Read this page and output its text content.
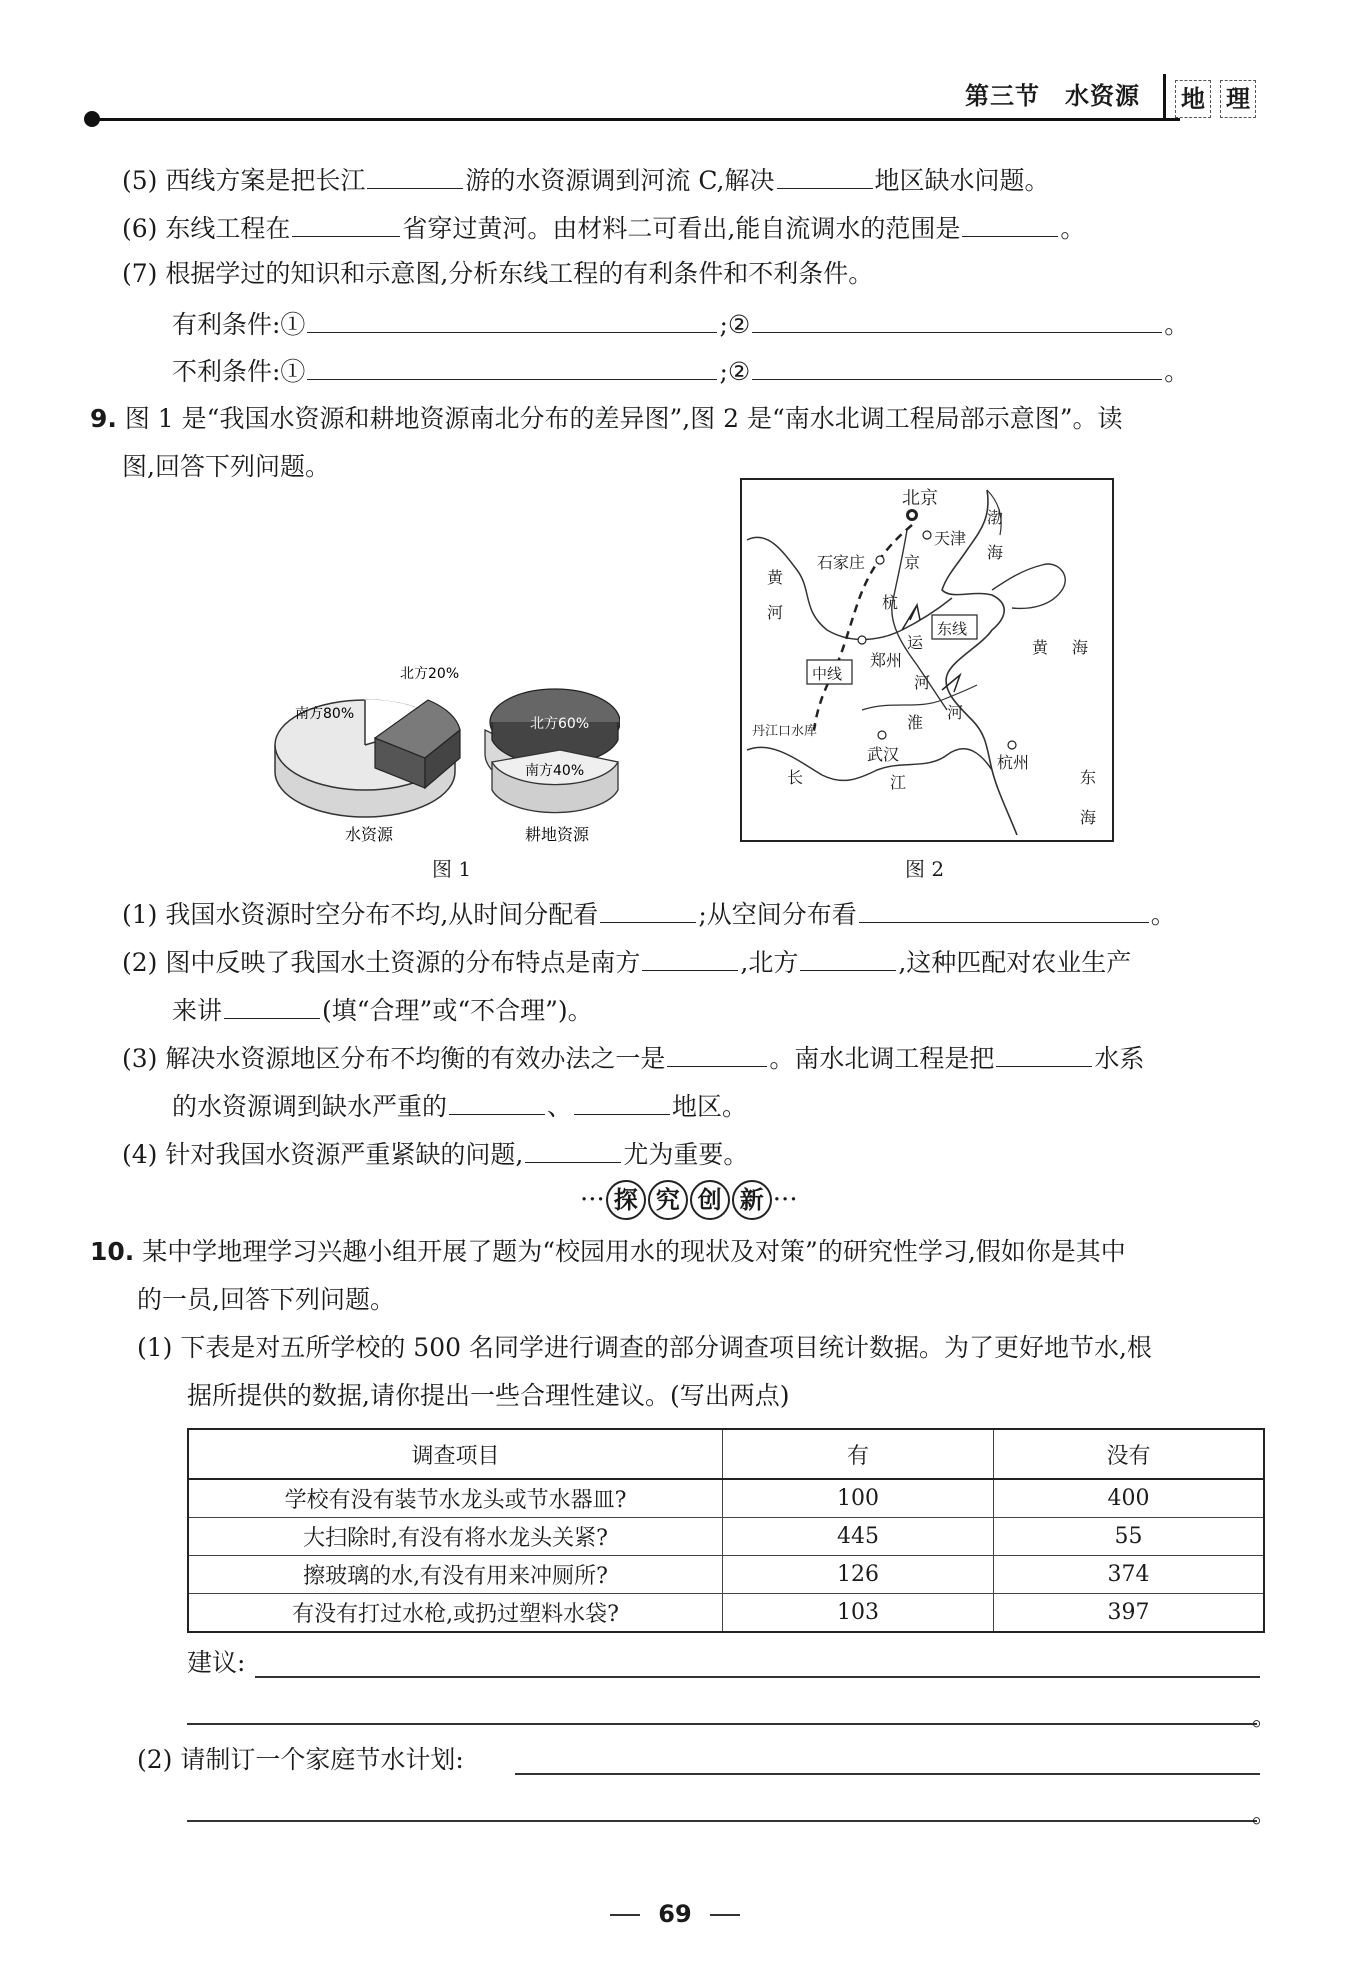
第三节　水资源 地 理
(5) 西线方案是把长江	游的水资源调到河流 C,解决	地区缺水问题。
(6) 东线工程在	省穿过黄河。由材料二可看出,能自流调水的范围是	。
(7) 根据学过的知识和示意图,分析东线工程的有利条件和不利条件。
有利条件:①	;②	。
不利条件:①	;②	。
9. 图 1 是“我国水资源和耕地资源南北分布的差异图”,图 2 是“南水北调工程局部示意图”。读
图,回答下列问题。
南方80%
北方20%
北方60%
南方40%
水资源	耕地资源
图 1
北京
天津
石家庄
郑州
武汉	杭州
丹江口水库
东线
中线
渤
海
黄 海
东
海
黄
河
京
杭
运
河
淮
河
长	江
图 2
(1) 我国水资源时空分布不均,从时间分配看	;从空间分布看	。
(2) 图中反映了我国水土资源的分布特点是南方	,北方	,这种匹配对农业生产
来讲	(填“合理”或“不合理”)。
(3) 解决水资源地区分布不均衡的有效办法之一是	。南水北调工程是把	水系
的水资源调到缺水严重的	、	地区。
(4) 针对我国水资源严重紧缺的问题,	尤为重要。
··· 探 究 创 新 ···
10. 某中学地理学习兴趣小组开展了题为“校园用水的现状及对策”的研究性学习,假如你是其中
的一员,回答下列问题。
(1) 下表是对五所学校的 500 名同学进行调查的部分调查项目统计数据。为了更好地节水,根
据所提供的数据,请你提出一些合理性建议。(写出两点)
调查项目	有	没有
学校有没有装节水龙头或节水器皿?	100	400
大扫除时,有没有将水龙头关紧?	445	55
擦玻璃的水,有没有用来冲厕所?	126	374
有没有打过水枪,或扔过塑料水袋?	103	397
建议:
。
(2) 请制订一个家庭节水计划:
。
69
